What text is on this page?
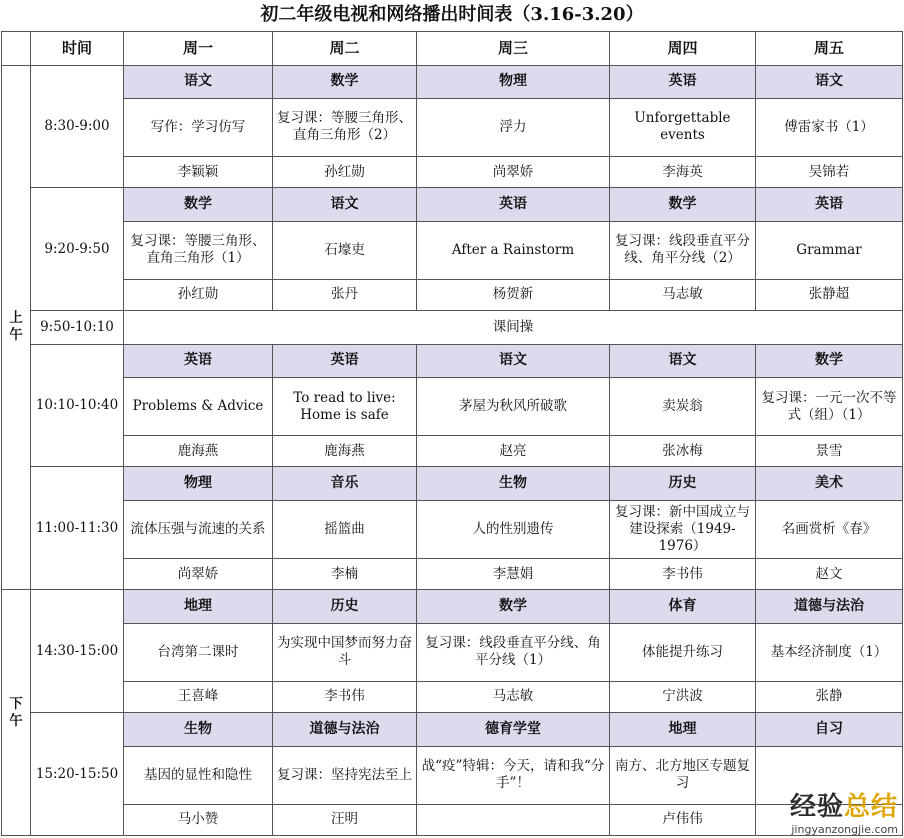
初二年级电视和网络播出时间表（3.16-3.20）
	时间	周一	周二	周三	周四	周五
上
午	8:30-9:00	语文	数学	物理	英语	语文
		写作：学习仿写	复习课：等腰三角形、直角三角形（2）	浮力	Unforgettable events	傅雷家书（1）
		李颖颖	孙红勋	尚翠娇	李海英	吴锦若
	9:20-9:50	数学	语文	英语	数学	英语
		复习课：等腰三角形、直角三角形（1）	石壕吏	After a Rainstorm	复习课：线段垂直平分线、角平分线（2）	Grammar
		孙红勋	张丹	杨贺新	马志敏	张静超
	9:50-10:10	课间操				
	10:10-10:40	英语	英语	语文	语文	数学
		Problems & Advice	To read to live: Home is safe	茅屋为秋风所破歌	卖炭翁	复习课：一元一次不等式（组）（1）
		鹿海燕	鹿海燕	赵亮	张冰梅	景雪
	11:00-11:30	物理	音乐	生物	历史	美术
		流体压强与流速的关系	摇篮曲	人的性别遗传	复习课：新中国成立与建设探索（1949-1976）	名画赏析《春》
		尚翠娇	李楠	李慧娟	李书伟	赵文
下
午	14:30-15:00	地理	历史	数学	体育	道德与法治
		台湾第二课时	为实现中国梦而努力奋斗	复习课：线段垂直平分线、角平分线（1）	体能提升练习	基本经济制度（1）
		王喜峰	李书伟	马志敏	宁洪波	张静
	15:20-15:50	生物	道德与法治	德育学堂	地理	自习
		基因的显性和隐性	复习课：坚持宪法至上	战“疫”特辑：今天，请和我“分手”！	南方、北方地区专题复习	
		马小赞	汪明		卢伟伟		经验总结
jingyanzongjie.com
